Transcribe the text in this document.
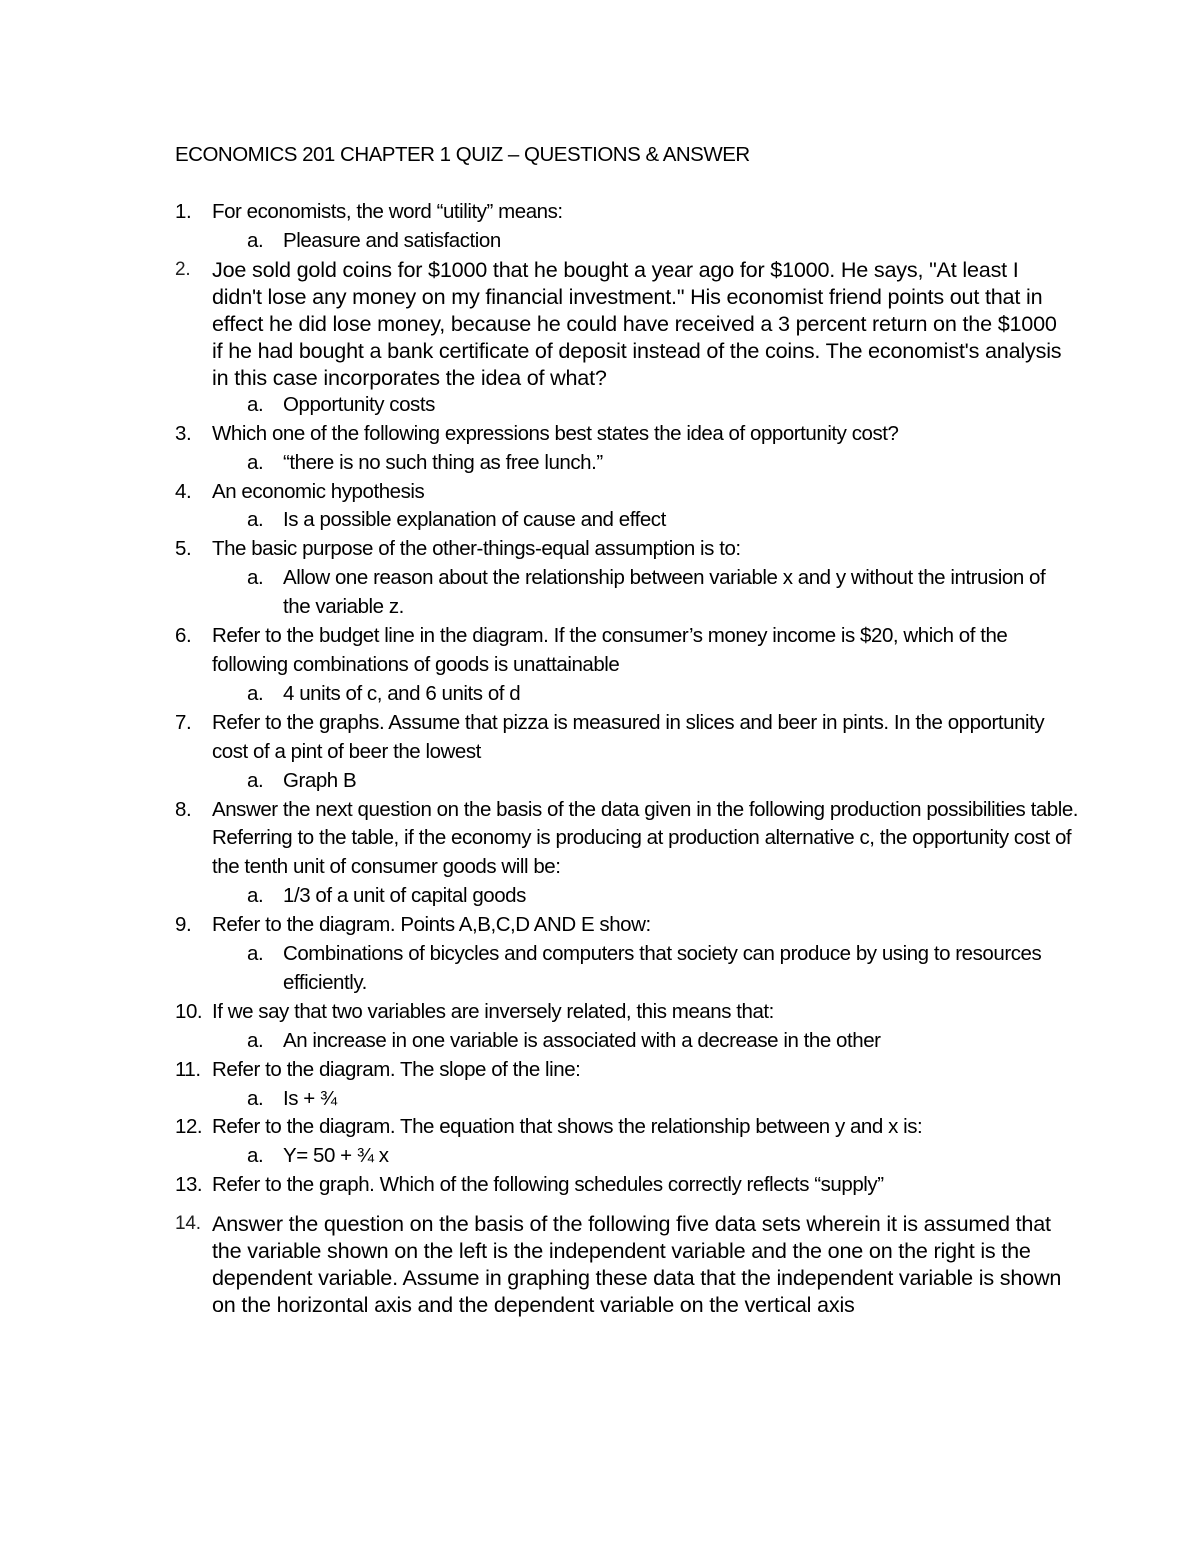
ECONOMICS 201 CHAPTER 1 QUIZ – QUESTIONS & ANSWER
1.	For economists, the word “utility” means:
a. Pleasure and satisfaction
2. Joe sold gold coins for $1000 that he bought a year ago for $1000. He says, "At least I didn't lose any money on my financial investment." His economist friend points out that in effect he did lose money, because he could have received a 3 percent return on the $1000 if he had bought a bank certificate of deposit instead of the coins. The economist's analysis in this case incorporates the idea of what?
a. Opportunity costs
3.	Which one of the following expressions best states the idea of opportunity cost?
a. “there is no such thing as free lunch.”
4.	An economic hypothesis
a. Is a possible explanation of cause and effect
5.	The basic purpose of the other-things-equal assumption is to:
a. Allow one reason about the relationship between variable x and y without the intrusion of the variable z.
6.	Refer to the budget line in the diagram. If the consumer’s money income is $20, which of the following combinations of goods is unattainable
a. 4 units of c, and 6 units of d
7.	Refer to the graphs. Assume that pizza is measured in slices and beer in pints. In the opportunity cost of a pint of beer the lowest
a. Graph B
8.	Answer the next question on the basis of the data given in the following production possibilities table. Referring to the table, if the economy is producing at production alternative c, the opportunity cost of the tenth unit of consumer goods will be:
a. 1/3 of a unit of capital goods
9.	Refer to the diagram. Points A,B,C,D AND E show:
a. Combinations of bicycles and computers that society can produce by using to resources efficiently.
10. If we say that two variables are inversely related, this means that:
a. An increase in one variable is associated with a decrease in the other
11. Refer to the diagram. The slope of the line:
a. Is + ¾
12. Refer to the diagram. The equation that shows the relationship between y and x is:
a. Y= 50 + ¾ x
13. Refer to the graph. Which of the following schedules correctly reflects “supply”
14. Answer the question on the basis of the following five data sets wherein it is assumed that the variable shown on the left is the independent variable and the one on the right is the dependent variable. Assume in graphing these data that the independent variable is shown on the horizontal axis and the dependent variable on the vertical axis
